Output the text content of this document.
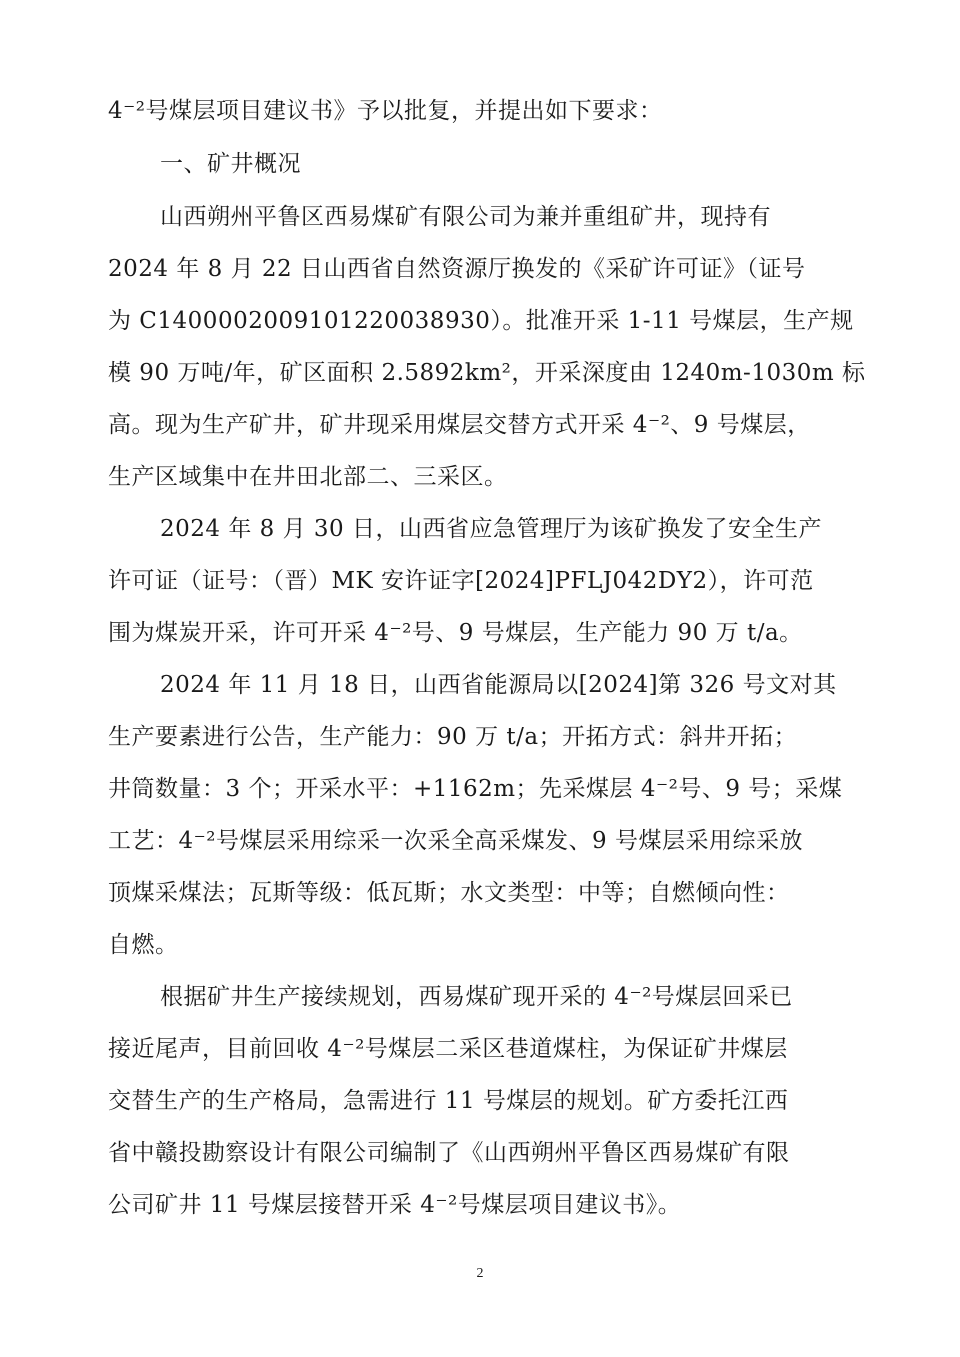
4⁻²号煤层项目建议书》予以批复，并提出如下要求：
一、矿井概况
山西朔州平鲁区西易煤矿有限公司为兼并重组矿井，现持有
2024 年 8 月 22 日山西省自然资源厅换发的《采矿许可证》（证号
为 C1400002009101220038930）。批准开采 1-11 号煤层，生产规
模 90 万吨/年，矿区面积 2.5892km²，开采深度由 1240m-1030m 标
高。现为生产矿井，矿井现采用煤层交替方式开采 4⁻²、9 号煤层，
生产区域集中在井田北部二、三采区。
2024 年 8 月 30 日，山西省应急管理厅为该矿换发了安全生产
许可证（证号：（晋）MK 安许证字[2024]PFLJ042DY2），许可范
围为煤炭开采，许可开采 4⁻²号、9 号煤层，生产能力 90 万 t/a。
2024 年 11 月 18 日，山西省能源局以[2024]第 326 号文对其
生产要素进行公告，生产能力：90 万 t/a；开拓方式：斜井开拓；
井筒数量：3 个；开采水平：+1162m；先采煤层 4⁻²号、9 号；采煤
工艺：4⁻²号煤层采用综采一次采全高采煤发、9 号煤层采用综采放
顶煤采煤法；瓦斯等级：低瓦斯；水文类型：中等；自燃倾向性：
自燃。
根据矿井生产接续规划，西易煤矿现开采的 4⁻²号煤层回采已
接近尾声，目前回收 4⁻²号煤层二采区巷道煤柱，为保证矿井煤层
交替生产的生产格局，急需进行 11 号煤层的规划。矿方委托江西
省中赣投勘察设计有限公司编制了《山西朔州平鲁区西易煤矿有限
公司矿井 11 号煤层接替开采 4⁻²号煤层项目建议书》。
2
